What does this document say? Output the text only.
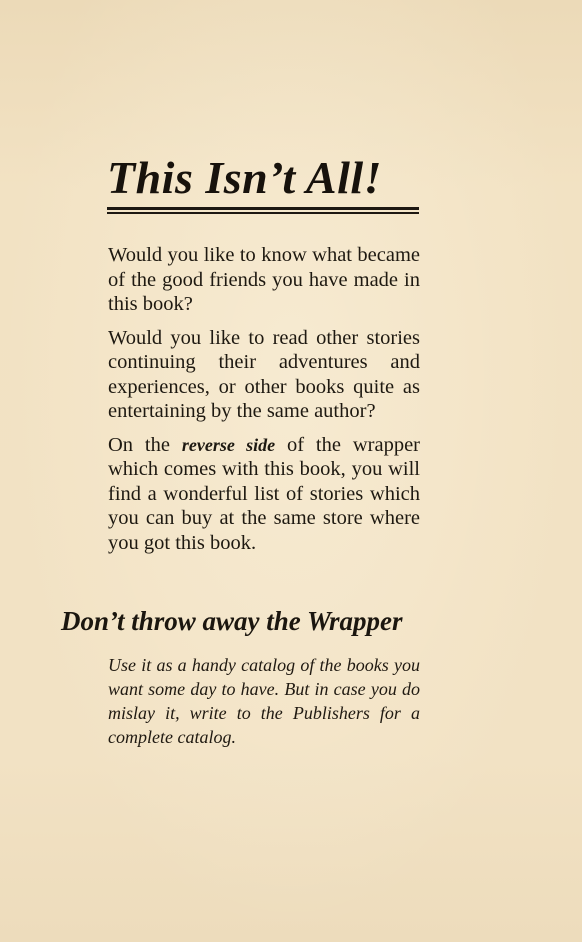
This Isn’t All!

Would you like to know what became of the good friends you have made in this book?

Would you like to read other stories continuing their adventures and experiences, or other books quite as entertaining by the same author?

On the reverse side of the wrapper which comes with this book, you will find a wonderful list of stories which you can buy at the same store where you got this book.

Don’t throw away the Wrapper

Use it as a handy catalog of the books you want some day to have. But in case you do mislay it, write to the Publishers for a complete catalog.
